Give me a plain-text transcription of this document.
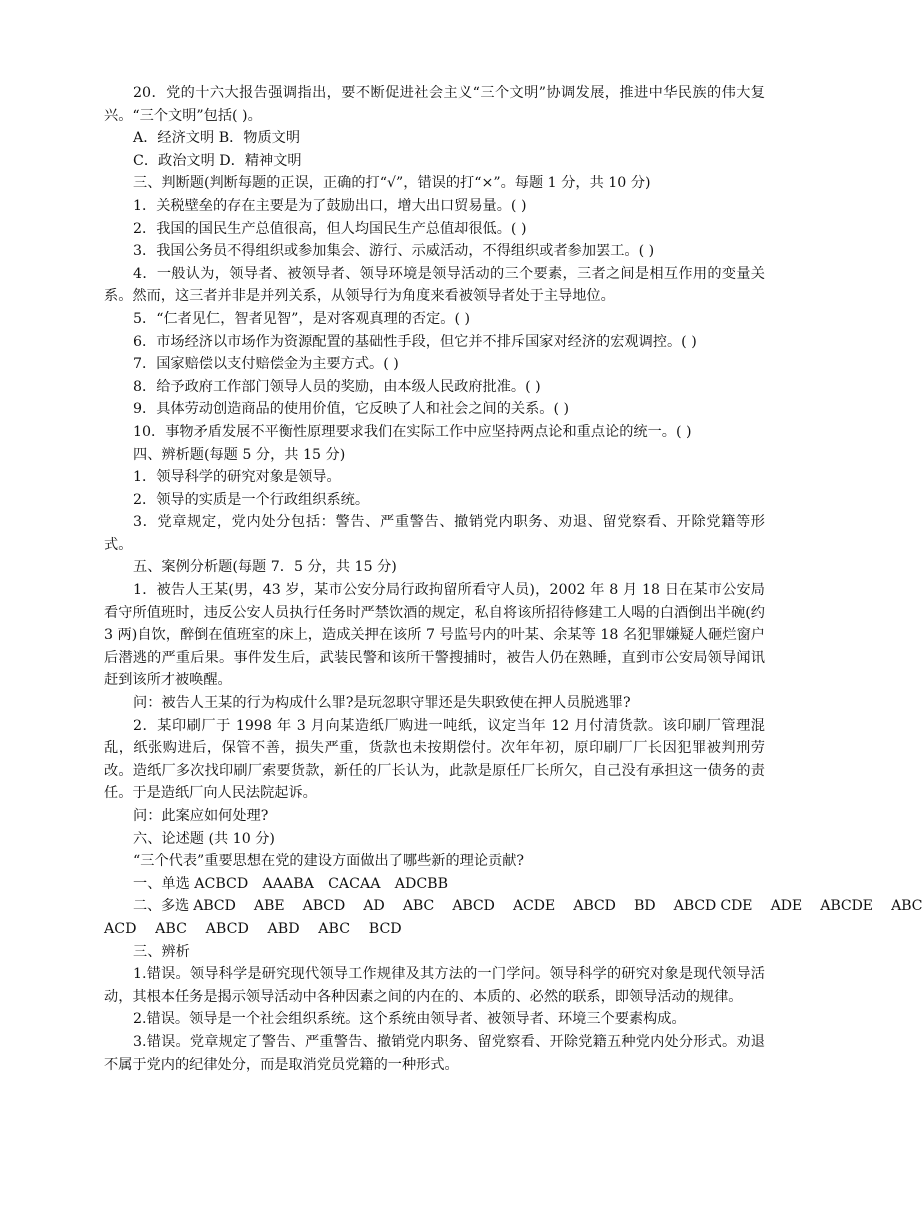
20．党的十六大报告强调指出，要不断促进社会主义“三个文明”协调发展，推进中华民族的伟大复兴。“三个文明”包括( )。
A．经济文明 B．物质文明
C．政治文明 D．精神文明
三、判断题(判断每题的正误，正确的打“√”，错误的打“×”。每题 1 分，共 10 分)
1．关税壁垒的存在主要是为了鼓励出口，增大出口贸易量。( )
2．我国的国民生产总值很高，但人均国民生产总值却很低。( )
3．我国公务员不得组织或参加集会、游行、示威活动，不得组织或者参加罢工。( )
4．一般认为，领导者、被领导者、领导环境是领导活动的三个要素，三者之间是相互作用的变量关系。然而，这三者并非是并列关系，从领导行为角度来看被领导者处于主导地位。
5．“仁者见仁，智者见智”，是对客观真理的否定。( )
6．市场经济以市场作为资源配置的基础性手段，但它并不排斥国家对经济的宏观调控。( )
7．国家赔偿以支付赔偿金为主要方式。( )
8．给予政府工作部门领导人员的奖励，由本级人民政府批准。( )
9．具体劳动创造商品的使用价值，它反映了人和社会之间的关系。( )
10．事物矛盾发展不平衡性原理要求我们在实际工作中应坚持两点论和重点论的统一。( )
四、辨析题(每题 5 分，共 15 分)
1．领导科学的研究对象是领导。
2．领导的实质是一个行政组织系统。
3．党章规定，党内处分包括：警告、严重警告、撤销党内职务、劝退、留党察看、开除党籍等形式。
五、案例分析题(每题 7．5 分，共 15 分)
1．被告人王某(男，43 岁，某市公安分局行政拘留所看守人员)，2002 年 8 月 18 日在某市公安局看守所值班时，违反公安人员执行任务时严禁饮酒的规定，私自将该所招待修建工人喝的白酒倒出半碗(约 3 两)自饮，醉倒在值班室的床上，造成关押在该所 7 号监号内的叶某、余某等 18 名犯罪嫌疑人砸烂窗户后潜逃的严重后果。事件发生后，武装民警和该所干警搜捕时，被告人仍在熟睡，直到市公安局领导闻讯赶到该所才被唤醒。
问：被告人王某的行为构成什么罪?是玩忽职守罪还是失职致使在押人员脱逃罪?
2．某印刷厂于 1998 年 3 月向某造纸厂购进一吨纸，议定当年 12 月付清货款。该印刷厂管理混乱，纸张购进后，保管不善，损失严重，货款也未按期偿付。次年年初，原印刷厂厂长因犯罪被判刑劳改。造纸厂多次找印刷厂索要货款，新任的厂长认为，此款是原任厂长所欠，自己没有承担这一债务的责任。于是造纸厂向人民法院起诉。
问：此案应如何处理?
六、论述题 (共 10 分)
“三个代表”重要思想在党的建设方面做出了哪些新的理论贡献?
一、单选 ACBCD　AAABA　CACAA　ADCBB
二、多选 ABCD　 ABE　 ABCD　 AD　 ABC　 ABCD　 ACDE　 ABCD　 BD　 ABCD CDE　 ADE　 ABCDE　 ABC
ACD　 ABC　 ABCD　 ABD　 ABC　 BCD
三、辨析
1.错误。领导科学是研究现代领导工作规律及其方法的一门学问。领导科学的研究对象是现代领导活动，其根本任务是揭示领导活动中各种因素之间的内在的、本质的、必然的联系，即领导活动的规律。
2.错误。领导是一个社会组织系统。这个系统由领导者、被领导者、环境三个要素构成。
3.错误。党章规定了警告、严重警告、撤销党内职务、留党察看、开除党籍五种党内处分形式。劝退不属于党内的纪律处分，而是取消党员党籍的一种形式。
